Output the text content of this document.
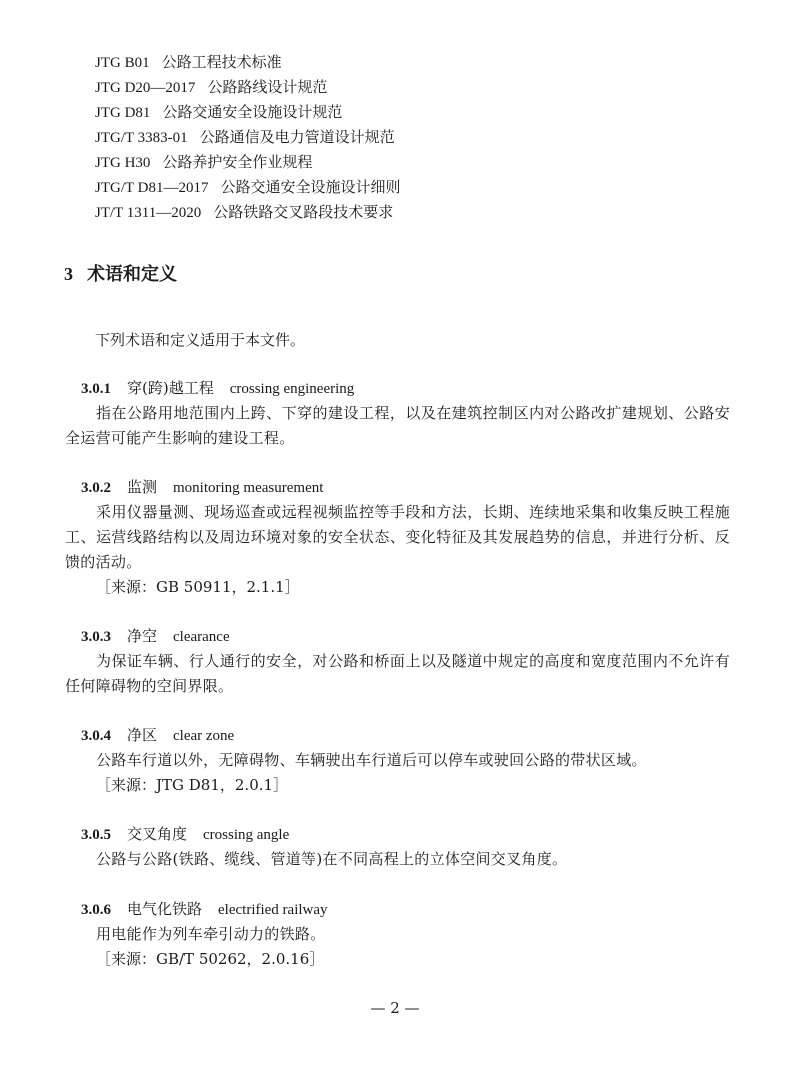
JTG B01 公路工程技术标准
JTG D20—2017 公路路线设计规范
JTG D81 公路交通安全设施设计规范
JTG/T 3383-01 公路通信及电力管道设计规范
JTG H30 公路养护安全作业规程
JTG/T D81—2017 公路交通安全设施设计细则
JT/T 1311—2020 公路铁路交叉路段技术要求
3 术语和定义
下列术语和定义适用于本文件。
3.0.1 穿(跨)越工程 crossing engineering
指在公路用地范围内上跨、下穿的建设工程，以及在建筑控制区内对公路改扩建规划、公路安全运营可能产生影响的建设工程。
3.0.2 监测 monitoring measurement
采用仪器量测、现场巡查或远程视频监控等手段和方法，长期、连续地采集和收集反映工程施工、运营线路结构以及周边环境对象的安全状态、变化特征及其发展趋势的信息，并进行分析、反馈的活动。
［来源：GB 50911，2.1.1］
3.0.3 净空 clearance
为保证车辆、行人通行的安全，对公路和桥面上以及隧道中规定的高度和宽度范围内不允许有任何障碍物的空间界限。
3.0.4 净区 clear zone
公路车行道以外，无障碍物、车辆驶出车行道后可以停车或驶回公路的带状区域。
［来源：JTG D81，2.0.1］
3.0.5 交叉角度 crossing angle
公路与公路(铁路、缆线、管道等)在不同高程上的立体空间交叉角度。
3.0.6 电气化铁路 electrified railway
用电能作为列车牵引动力的铁路。
［来源：GB/T 50262，2.0.16］
— 2 —
